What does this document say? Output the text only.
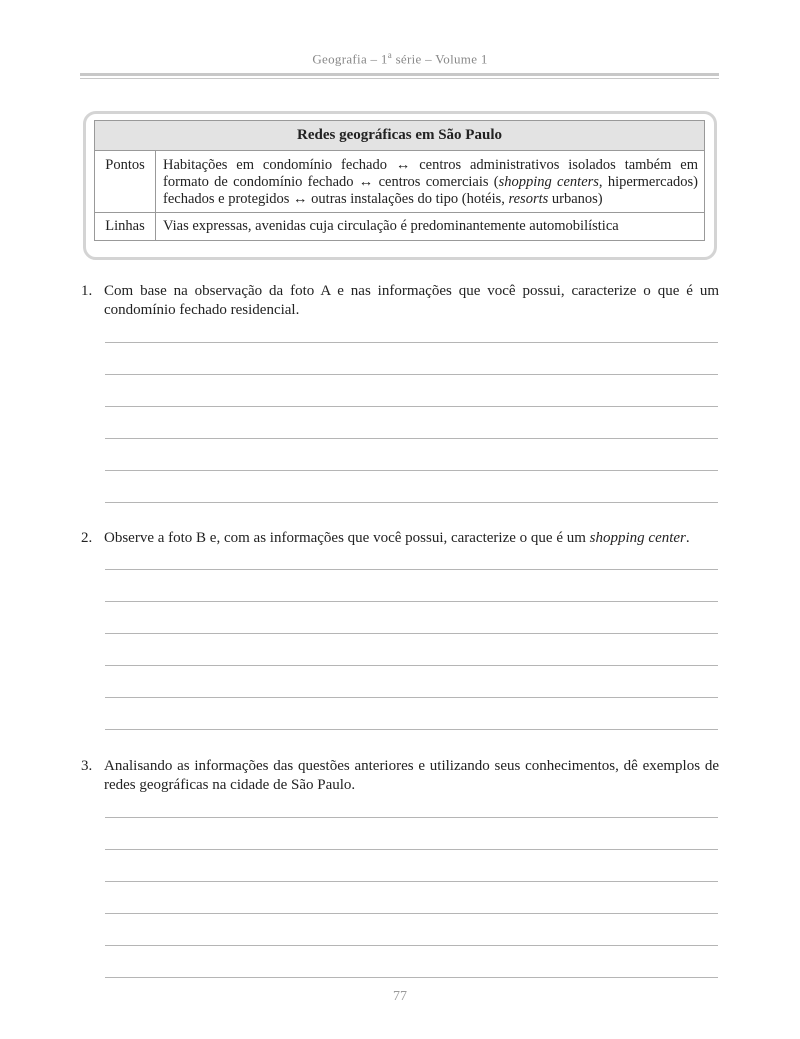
Geografia – 1$^a$ série – Volume 1
Redes geográficas em São Paulo	
Pontos	Habitações em condomínio fechado ↔ centros administrativos isolados também em formato de condomínio fechado ↔ centros comerciais (shopping centers, hipermercados) fechados e protegidos ↔ outras instalações do tipo (hotéis, resorts urbanos)
Linhas	Vias expressas, avenidas cuja circulação é predominantemente automobilística
1. Com base na observação da foto A e nas informações que você possui, caracterize o que é um condomínio fechado residencial.
2. Observe a foto B e, com as informações que você possui, caracterize o que é um shopping center.
3. Analisando as informações das questões anteriores e utilizando seus conhecimentos, dê exemplos de redes geográficas na cidade de São Paulo.
77
